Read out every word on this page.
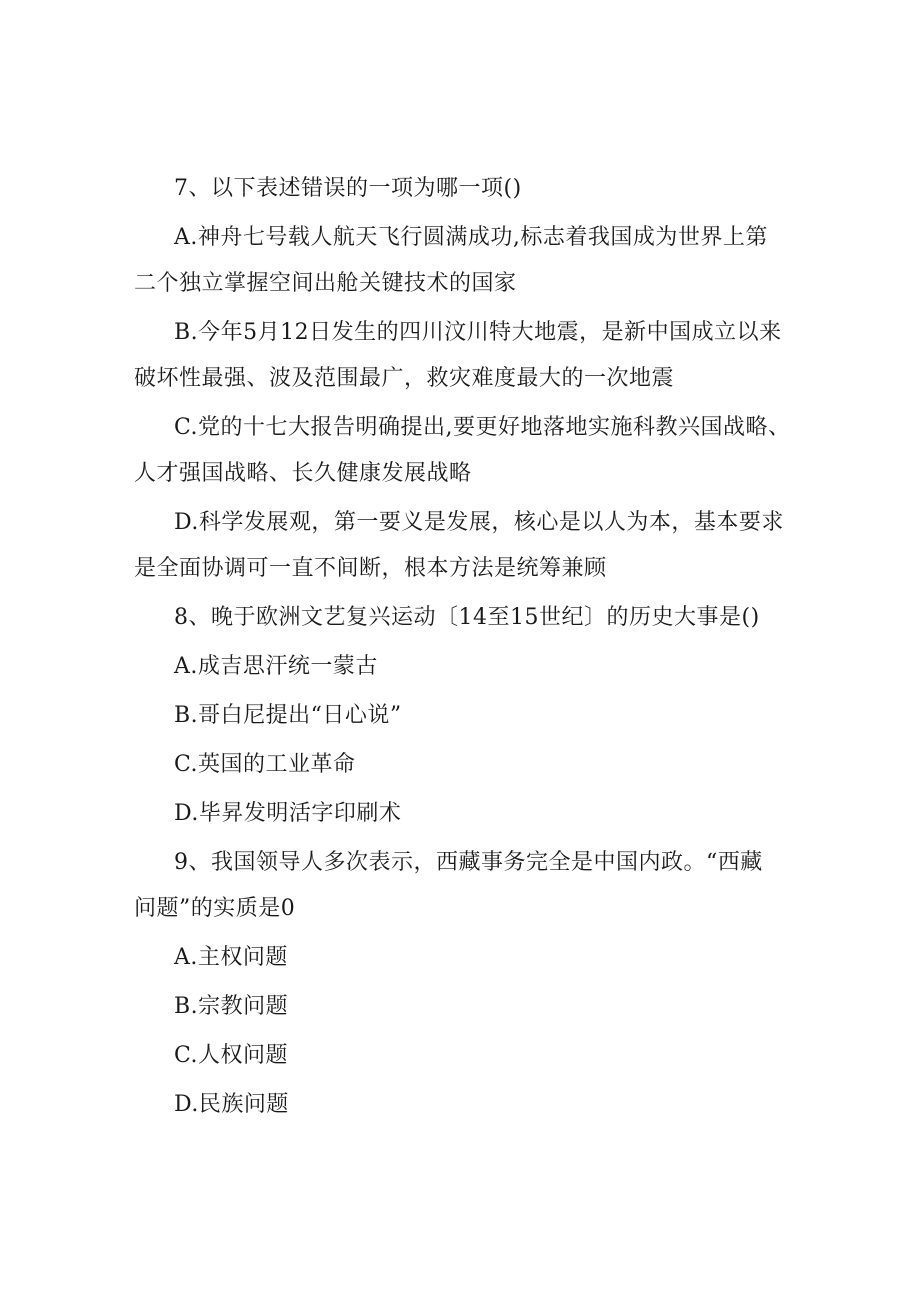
7、以下表述错误的一项为哪一项()
A.神舟七号载人航天飞行圆满成功,标志着我国成为世界上第
二个独立掌握空间出舱关键技术的国家
B.今年5月12日发生的四川汶川特大地震，是新中国成立以来
破坏性最强、波及范围最广，救灾难度最大的一次地震
C.党的十七大报告明确提出,要更好地落地实施科教兴国战略、
人才强国战略、长久健康发展战略
D.科学发展观，第一要义是发展，核心是以人为本，基本要求
是全面协调可一直不间断，根本方法是统筹兼顾
8、晚于欧洲文艺复兴运动〔14至15世纪〕的历史大事是()
A.成吉思汗统一蒙古
B.哥白尼提出“日心说”
C.英国的工业革命
D.毕昇发明活字印刷术
9、我国领导人多次表示，西藏事务完全是中国内政。“西藏
问题”的实质是0
A.主权问题
B.宗教问题
C.人权问题
D.民族问题
